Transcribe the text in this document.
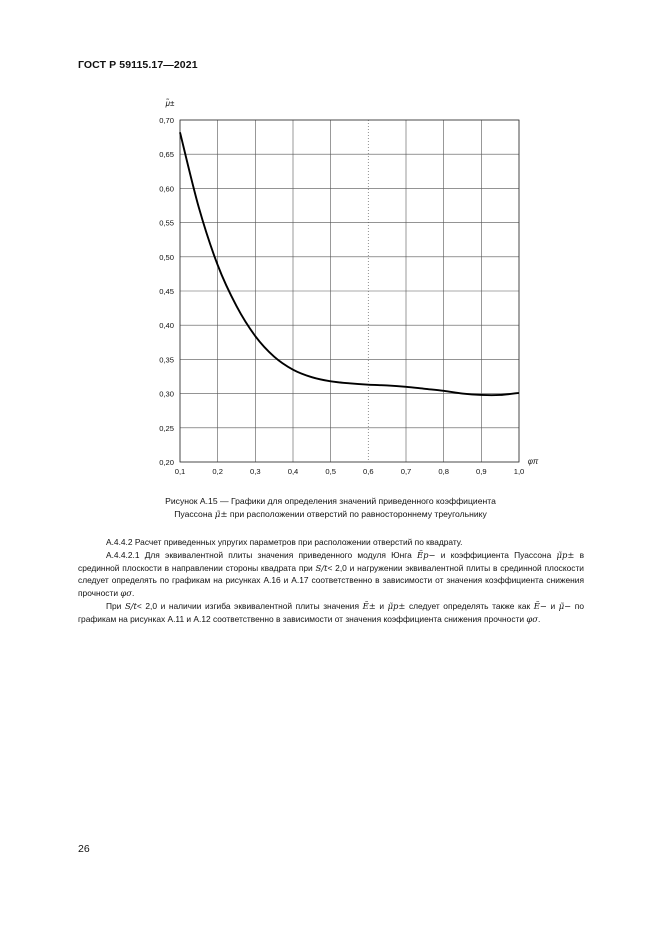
ГОСТ Р 59115.17—2021
0,1	0,2	0,3	0,4	0,5	0,6	0,7	0,8	0,9	1,0
0,20
0,25
0,30
0,35
0,40
0,45
0,50
0,55
0,60
0,65
0,70
μ̃±
φπ
Рисунок А.15 — Графики для определения значений приведенного коэффициента
Пуассона μ̃± при расположении отверстий по равностороннему треугольнику

А.4.4.2 Расчет приведенных упругих параметров при расположении отверстий по квадрату.

А.4.4.2.1 Для эквивалентной плиты значения приведенного модуля Юнга Ẽp− и коэффициента Пуассона μ̃p± в срединной плоскости в направлении стороны квадрата при S/t< 2,0 и нагружении эквивалентной плиты в срединной плоскости следует определять по графикам на рисунках А.16 и А.17 соответственно в зависимости от значения коэффициента снижения прочности φσ.

При S/t< 2,0 и наличии изгиба эквивалентной плиты значения Ẽ± и μ̃p± следует определять также как Ẽ− и μ̃− по графикам на рисунках А.11 и А.12 соответственно в зависимости от значения коэффициента снижения прочности φσ.

26
